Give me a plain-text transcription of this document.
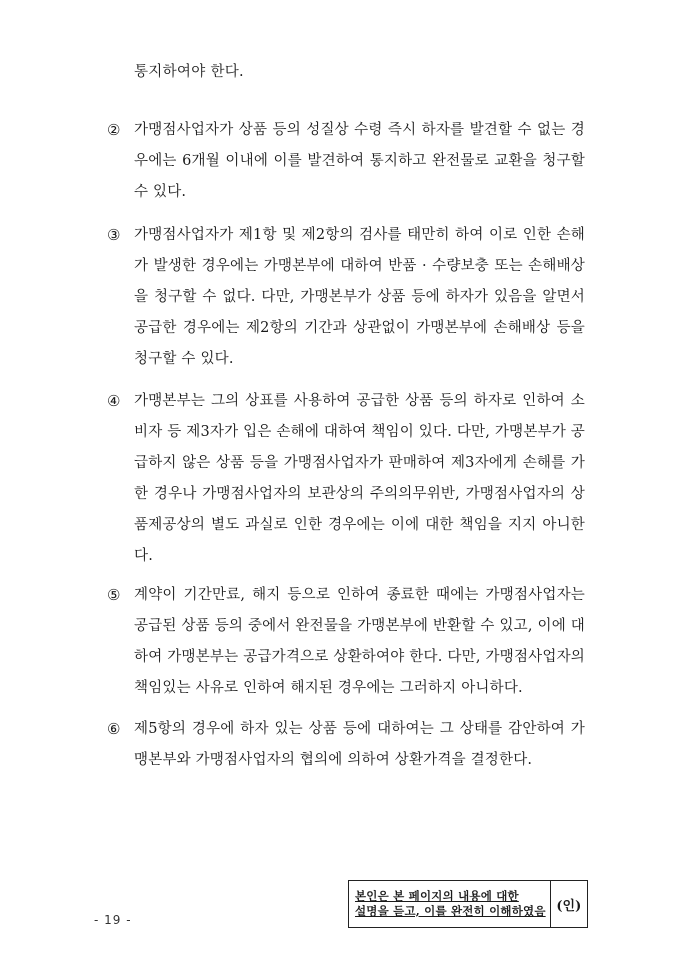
통지하여야 한다.
② 가맹점사업자가 상품 등의 성질상 수령 즉시 하자를 발견할 수 없는 경우에는 6개월 이내에 이를 발견하여 통지하고 완전물로 교환을 청구할 수 있다.
③ 가맹점사업자가 제1항 및 제2항의 검사를 태만히 하여 이로 인한 손해가 발생한 경우에는 가맹본부에 대하여 반품 · 수량보충 또는 손해배상을 청구할 수 없다. 다만, 가맹본부가 상품 등에 하자가 있음을 알면서 공급한 경우에는 제2항의 기간과 상관없이 가맹본부에 손해배상 등을 청구할 수 있다.
④ 가맹본부는 그의 상표를 사용하여 공급한 상품 등의 하자로 인하여 소비자 등 제3자가 입은 손해에 대하여 책임이 있다. 다만, 가맹본부가 공급하지 않은 상품 등을 가맹점사업자가 판매하여 제3자에게 손해를 가한 경우나 가맹점사업자의 보관상의 주의의무위반, 가맹점사업자의 상품제공상의 별도 과실로 인한 경우에는 이에 대한 책임을 지지 아니한다.
⑤ 계약이 기간만료, 해지 등으로 인하여 종료한 때에는 가맹점사업자는 공급된 상품 등의 중에서 완전물을 가맹본부에 반환할 수 있고, 이에 대하여 가맹본부는 공급가격으로 상환하여야 한다. 다만, 가맹점사업자의 책임있는 사유로 인하여 해지된 경우에는 그러하지 아니하다.
⑥ 제5항의 경우에 하자 있는 상품 등에 대하여는 그 상태를 감안하여 가맹본부와 가맹점사업자의 협의에 의하여 상환가격을 결정한다.
- 19 -
본인은 본 페이지의 내용에 대한
설명을 듣고, 이를 완전히 이해하였음 (인)
